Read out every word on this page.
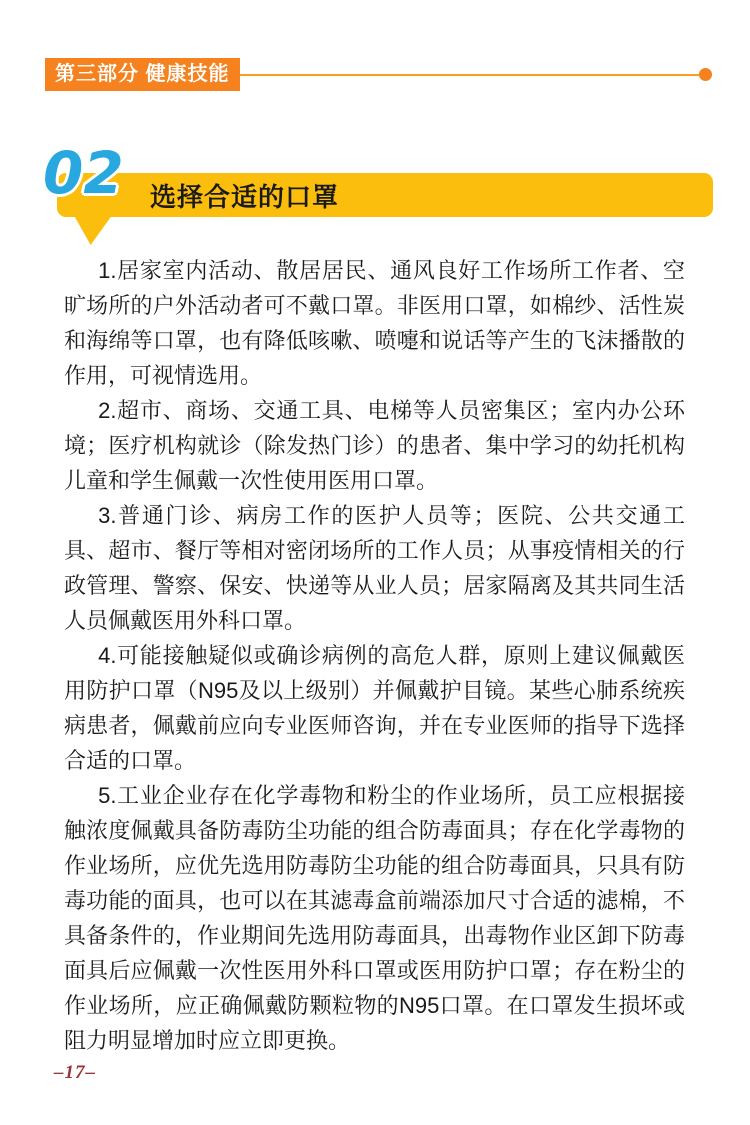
第三部分 健康技能
选择合适的口罩
02

1.居家室内活动、散居居民、通风良好工作场所工作者、空旷场所的户外活动者可不戴口罩。非医用口罩，如棉纱、活性炭和海绵等口罩，也有降低咳嗽、喷嚏和说话等产生的飞沫播散的作用，可视情选用。

2.超市、商场、交通工具、电梯等人员密集区；室内办公环境；医疗机构就诊（除发热门诊）的患者、集中学习的幼托机构儿童和学生佩戴一次性使用医用口罩。

3.普通门诊、病房工作的医护人员等；医院、公共交通工具、超市、餐厅等相对密闭场所的工作人员；从事疫情相关的行政管理、警察、保安、快递等从业人员；居家隔离及其共同生活人员佩戴医用外科口罩。

4.可能接触疑似或确诊病例的高危人群，原则上建议佩戴医用防护口罩（N95及以上级别）并佩戴护目镜。某些心肺系统疾病患者，佩戴前应向专业医师咨询，并在专业医师的指导下选择合适的口罩。

5.工业企业存在化学毒物和粉尘的作业场所，员工应根据接触浓度佩戴具备防毒防尘功能的组合防毒面具；存在化学毒物的作业场所，应优先选用防毒防尘功能的组合防毒面具，只具有防毒功能的面具，也可以在其滤毒盒前端添加尺寸合适的滤棉，不具备条件的，作业期间先选用防毒面具，出毒物作业区卸下防毒面具后应佩戴一次性医用外科口罩或医用防护口罩；存在粉尘的作业场所，应正确佩戴防颗粒物的N95口罩。在口罩发生损坏或阻力明显增加时应立即更换。

–17–
